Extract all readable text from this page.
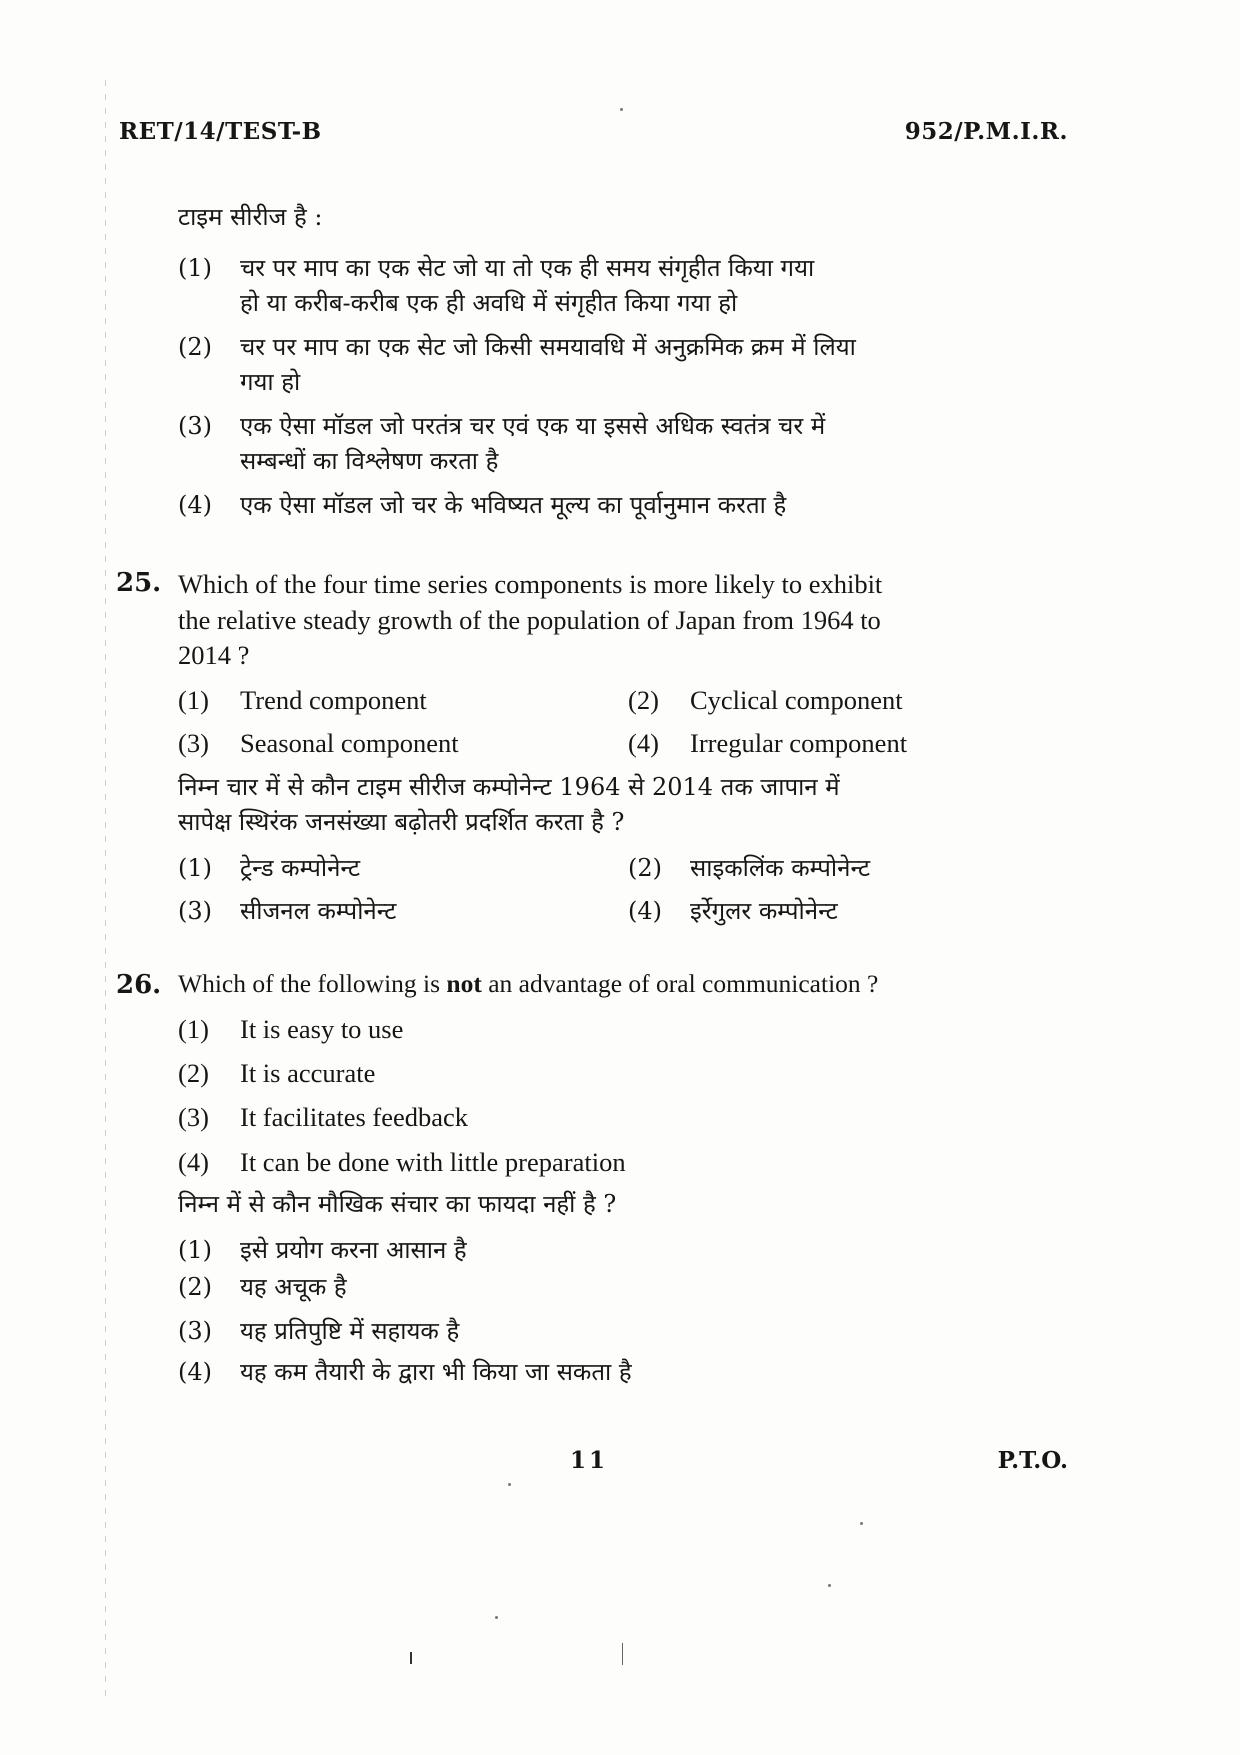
RET/14/TEST-B	952/P.M.I.R.
टाइम सीरीज है :
(1) चर पर माप का एक सेट जो या तो एक ही समय संगृहीत किया गया
हो या करीब-करीब एक ही अवधि में संगृहीत किया गया हो
(2) चर पर माप का एक सेट जो किसी समयावधि में अनुक्रमिक क्रम में लिया
गया हो
(3) एक ऐसा मॉडल जो परतंत्र चर एवं एक या इससे अधिक स्वतंत्र चर में
सम्बन्धों का विश्लेषण करता है
(4) एक ऐसा मॉडल जो चर के भविष्यत मूल्य का पूर्वानुमान करता है
25. Which of the four time series components is more likely to exhibit
the relative steady growth of the population of Japan from 1964 to
2014 ?
(1) Trend component	(2) Cyclical component
(3) Seasonal component	(4) Irregular component
निम्न चार में से कौन टाइम सीरीज कम्पोनेन्ट 1964 से 2014 तक जापान में
सापेक्ष स्थिरंक जनसंख्या बढ़ोतरी प्रदर्शित करता है ?
(1) ट्रेन्ड कम्पोनेन्ट	(2) साइकलिंक कम्पोनेन्ट
(3) सीजनल कम्पोनेन्ट	(4) इर्रेगुलर कम्पोनेन्ट
26. Which of the following is not an advantage of oral communication ?
(1) It is easy to use
(2) It is accurate
(3) It facilitates feedback
(4) It can be done with little preparation
निम्न में से कौन मौखिक संचार का फायदा नहीं है ?
(1) इसे प्रयोग करना आसान है
(2) यह अचूक है
(3) यह प्रतिपुष्टि में सहायक है
(4) यह कम तैयारी के द्वारा भी किया जा सकता है
11	P.T.O.
